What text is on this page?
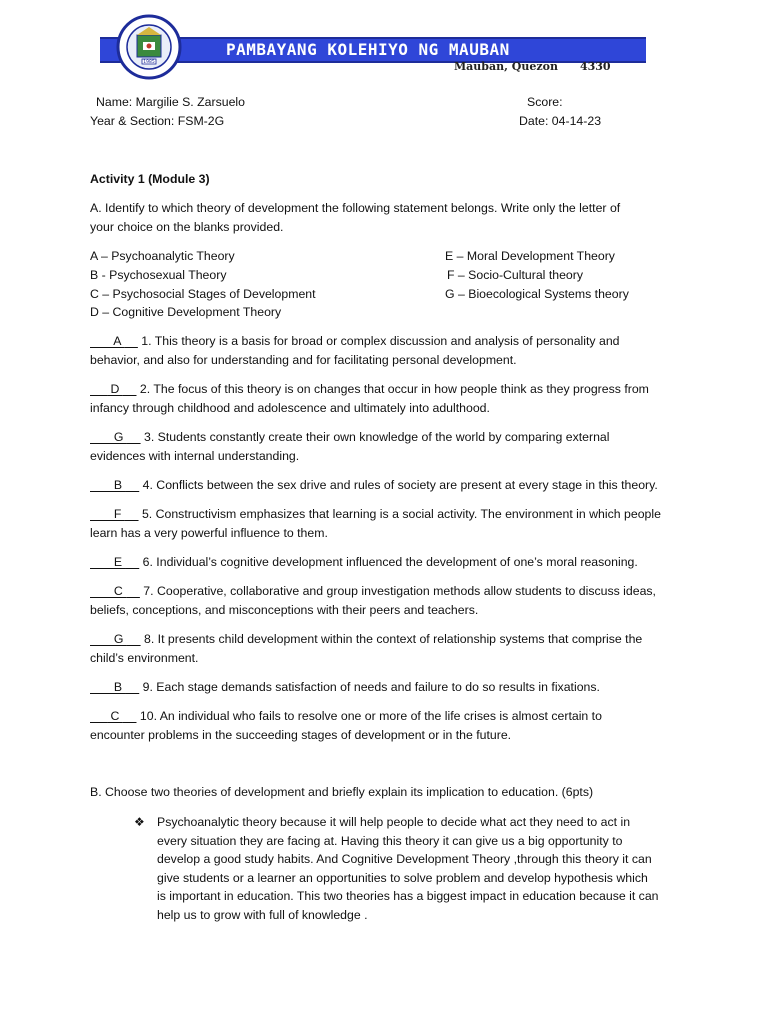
PAMBAYANG KOLEHIYO NG MAUBAN
1985	Mauban, Quezon 4330
Name: Margilie S. Zarsuelo	Score:
Year & Section: FSM-2G	Date: 04-14-23
Activity 1 (Module 3)
A. Identify to which theory of development the following statement belongs. Write only the letter of
your choice on the blanks provided.
A – Psychoanalytic Theory
B - Psychosexual Theory
C – Psychosocial Stages of Development
D – Cognitive Development Theory
E – Moral Development Theory
F – Socio-Cultural theory
G – Bioecological Systems theory
A      1. This theory is a basis for broad or complex discussion and analysis of personality and
behavior, and also for understanding and for facilitating personal development.
D      2. The focus of this theory is on changes that occur in how people think as they progress from
infancy through childhood and adolescence and ultimately into adulthood.
G      3. Students constantly create their own knowledge of the world by comparing external
evidences with internal understanding.
B      4. Conflicts between the sex drive and rules of society are present at every stage in this theory.
F      5. Constructivism emphasizes that learning is a social activity. The environment in which people
learn has a very powerful influence to them.
E      6. Individual’s cognitive development influenced the development of one’s moral reasoning.
C      7. Cooperative, collaborative and group investigation methods allow students to discuss ideas,
beliefs, conceptions, and misconceptions with their peers and teachers.
G      8. It presents child development within the context of relationship systems that comprise the
child’s environment.
B      9. Each stage demands satisfaction of needs and failure to do so results in fixations.
C      10. An individual who fails to resolve one or more of the life crises is almost certain to
encounter problems in the succeeding stages of development or in the future.
B. Choose two theories of development and briefly explain its implication to education. (6pts)
❖ Psychoanalytic theory because it will help people to decide what act they need to act in
every situation they are facing at. Having this theory it can give us a big opportunity to
develop a good study habits. And Cognitive Development Theory ,through this theory it can
give students or a learner an opportunities to solve problem and develop hypothesis which
is important in education. This two theories has a biggest impact in education because it can
help us to grow with full of knowledge .
